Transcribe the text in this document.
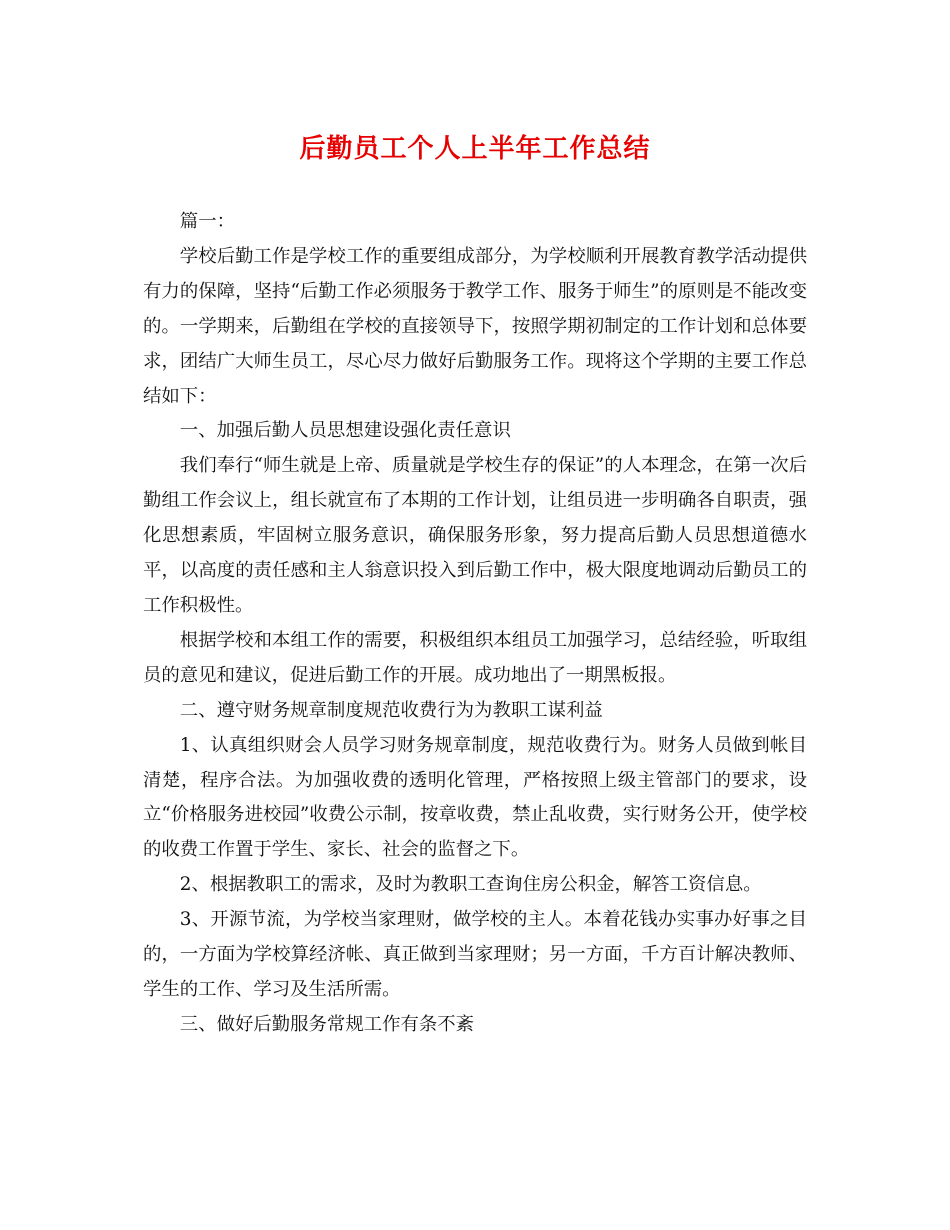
后勤员工个人上半年工作总结

篇一：

学校后勤工作是学校工作的重要组成部分，为学校顺利开展教育教学活动提供有力的保障，坚持“后勤工作必须服务于教学工作、服务于师生”的原则是不能改变的。一学期来，后勤组在学校的直接领导下，按照学期初制定的工作计划和总体要求，团结广大师生员工，尽心尽力做好后勤服务工作。现将这个学期的主要工作总结如下：

一、加强后勤人员思想建设强化责任意识

我们奉行“师生就是上帝、质量就是学校生存的保证”的人本理念，在第一次后勤组工作会议上，组长就宣布了本期的工作计划，让组员进一步明确各自职责，强化思想素质，牢固树立服务意识，确保服务形象，努力提高后勤人员思想道德水平，以高度的责任感和主人翁意识投入到后勤工作中，极大限度地调动后勤员工的工作积极性。

根据学校和本组工作的需要，积极组织本组员工加强学习，总结经验，听取组员的意见和建议，促进后勤工作的开展。成功地出了一期黑板报。

二、遵守财务规章制度规范收费行为为教职工谋利益

1、认真组织财会人员学习财务规章制度，规范收费行为。财务人员做到帐目清楚，程序合法。为加强收费的透明化管理，严格按照上级主管部门的要求，设立“价格服务进校园”收费公示制，按章收费，禁止乱收费，实行财务公开，使学校的收费工作置于学生、家长、社会的监督之下。

2、根据教职工的需求，及时为教职工查询住房公积金，解答工资信息。

3、开源节流，为学校当家理财，做学校的主人。本着花钱办实事办好事之目的，一方面为学校算经济帐、真正做到当家理财；另一方面，千方百计解决教师、学生的工作、学习及生活所需。

三、做好后勤服务常规工作有条不紊
